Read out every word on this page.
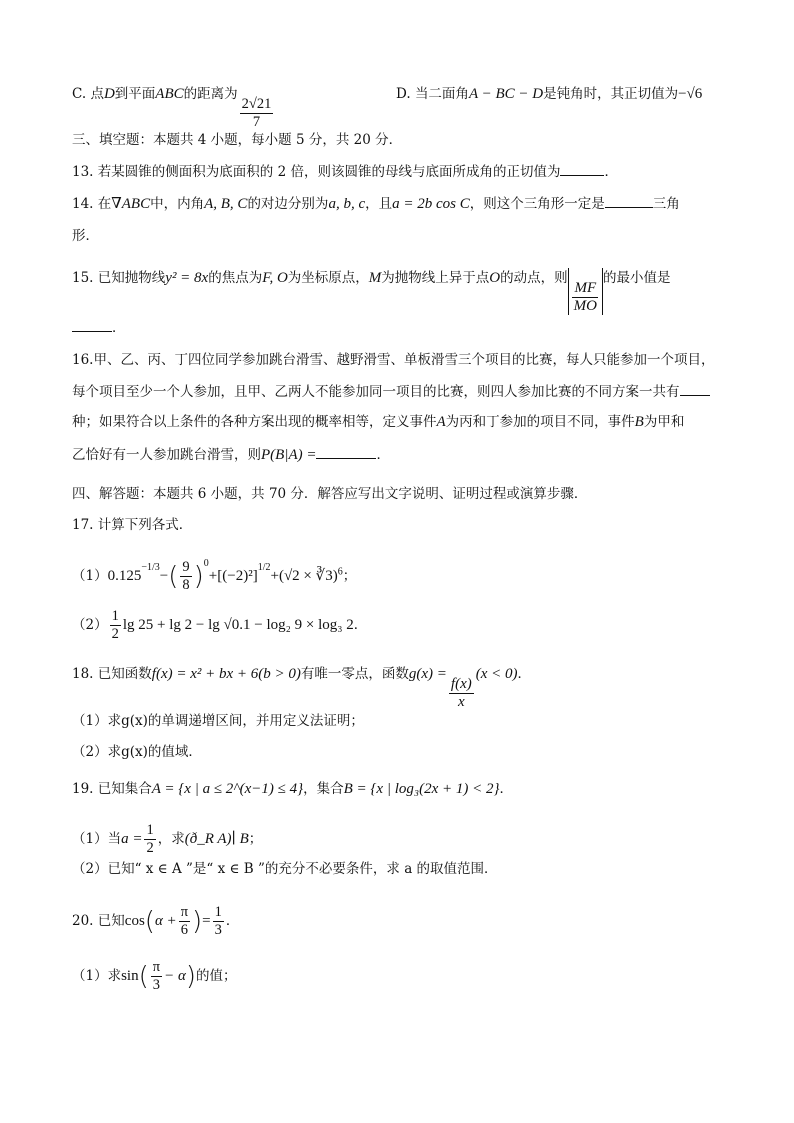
C. 点D到平面ABC的距离为
$\frac{2√21}{7}$
D. 当二面角A − BC − D是钝角时，其正切值为−√6
三、填空题：本题共 4 小题，每小题 5 分，共 20 分．
13. 若某圆锥的侧面积为底面积的 2 倍，则该圆锥的母线与底面所成角的正切值为	．
14. 在∇ABC中，内角A, B, C的对边分别为a, b, c，且a = 2b cos C，则这个三角形一定是	三角
形．
15. 已知抛物线y² = 8x的焦点为F, O为坐标原点，M为抛物线上异于点O的动点，则
$\frac{MF}{MO}$
的最小值是
．
16.甲、乙、丙、丁四位同学参加跳台滑雪、越野滑雪、单板滑雪三个项目的比赛，每人只能参加一个项目，
每个项目至少一个人参加，且甲、乙两人不能参加同一项目的比赛，则四人参加比赛的不同方案一共有
种；如果符合以上条件的各种方案出现的概率相等，定义事件A为丙和丁参加的项目不同，事件B为甲和
乙恰好有一人参加跳台滑雪，则P(B|A) =	．
四、解答题：本题共 6 小题，共 70 分．解答应写出文字说明、证明过程或演算步骤．
17. 计算下列各式．
$(1)0.125^{-1/3}-( \frac{9}{8} )^0+[(-2)^2]^{1/2}+(√2$ × ∛3)$^6$；
$(2) \frac{1}{2}$ lg 25 + lg 2 − lg √0.1 − log₂ 9 × log₃ 2．
18. 已知函数f(x) = x² + bx + 6(b > 0)有唯一零点，函数g(x) =
$\frac{f(x)}{x}$
(x < 0)．
（1）求g(x)的单调递增区间，并用定义法证明；
（2）求g(x)的值域．
19. 已知集合A = {x | a ≤ 2^(x−1) ≤ 4}，集合B = {x | log₃(2x + 1) < 2}．
（1）当$a = \frac{1}{2}$ ，求(ð_R A)∣ B；
（2）已知“ x ∈ A ”是“ x ∈ B ”的充分不必要条件，求 a 的取值范围．
20. 已知$\cos(\alpha + \frac{\pi}{6}$ )= $\frac{1}{3}$ ．
（1）求$\sin( \frac{\pi}{3} - \alpha)$的值；
